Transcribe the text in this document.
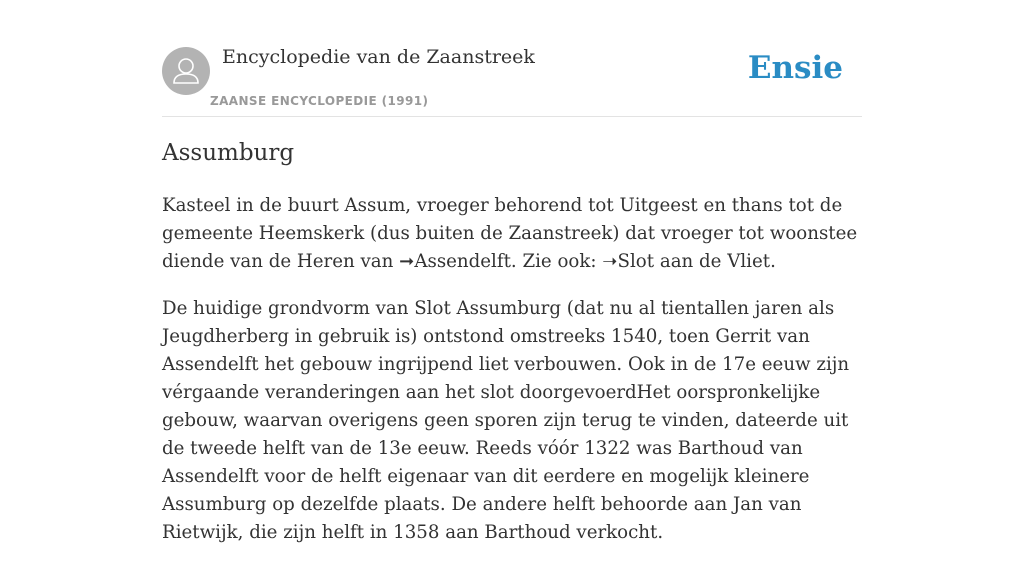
Encyclopedie van de Zaanstreek
ZAANSE ENCYCLOPEDIE (1991)
Ensie
Assumburg

Kasteel in de buurt Assum, vroeger behorend tot Uitgeest en thans tot de gemeente Heemskerk (dus buiten de Zaanstreek) dat vroeger tot woonstee diende van de Heren van ➞Assendelft. Zie ook: ➝Slot aan de Vliet.

De huidige grondvorm van Slot Assumburg (dat nu al tientallen jaren als Jeugdherberg in gebruik is) ontstond omstreeks 1540, toen Gerrit van Assendelft het gebouw ingrijpend liet verbouwen. Ook in de 17e eeuw zijn vérgaande veranderingen aan het slot doorgevoerdHet oorspronkelijke gebouw, waarvan overigens geen sporen zijn terug te vinden, dateerde uit de tweede helft van de 13e eeuw. Reeds vóór 1322 was Barthoud van Assendelft voor de helft eigenaar van dit eerdere en mogelijk kleinere Assumburg op dezelfde plaats. De andere helft behoorde aan Jan van Rietwijk, die zijn helft in 1358 aan Barthoud verkocht.
